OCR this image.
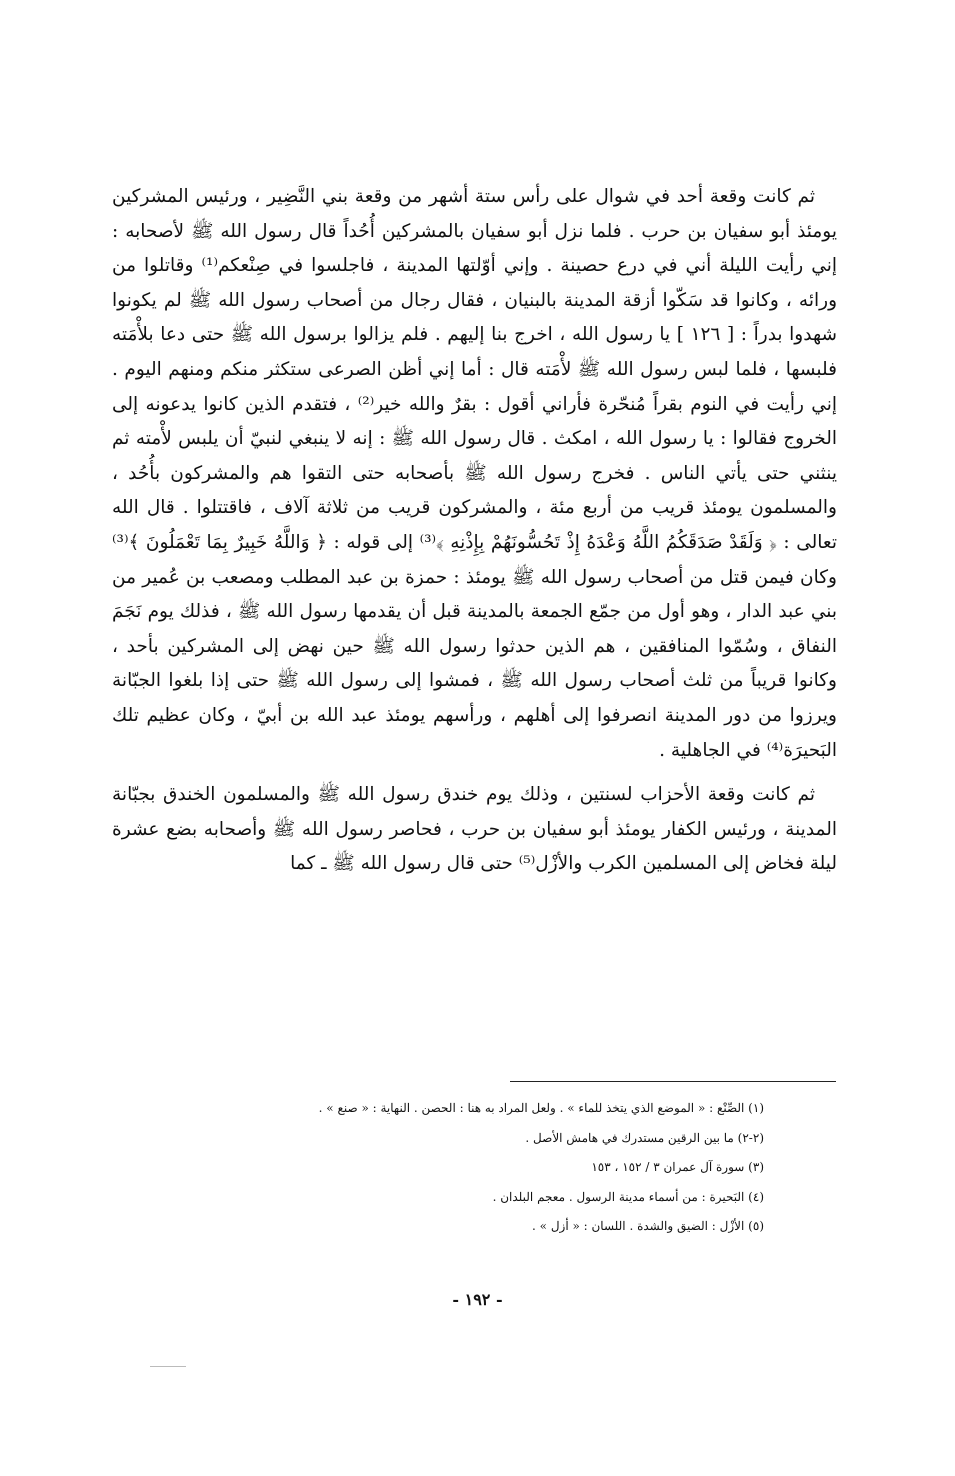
ثم كانت وقعة أحد في شوال على رأس ستة أشهر من وقعة بني النَّضِير ، ورئيس المشركين يومئذ أبو سفيان بن حرب . فلما نزل أبو سفيان بالمشركين أُحُداً قال رسول الله ﷺ لأصحابه : إني رأيت الليلة أني في درع حصينة . وإني أوّلتها المدينة ، فاجلسوا في صِنْعكم⁽¹⁾ وقاتلوا من ورائه ، وكانوا قد سَكّوا أزقة المدينة بالبنيان ، فقال رجال من أصحاب رسول الله ﷺ لم يكونوا شهدوا بدراً : [ ١٢٦ ] يا رسول الله ، اخرج بنا إليهم . فلم يزالوا برسول الله ﷺ حتى دعا بلأْمَته فلبسها ، فلما لبس رسول الله ﷺ لأْمَته قال : أما إني أظن الصرعى ستكثر منكم ومنهم اليوم . إني رأيت في النوم بقراً مُنحّرة فأراني أقول : بقرٌ والله خير⁽²⁾ ، فتقدم الذين كانوا يدعونه إلى الخروج فقالوا : يا رسول الله ، امكث . قال رسول الله ﷺ : إنه لا ينبغي لنبيّ أن يلبس لأْمته ثم ينثني حتى يأتي الناس . فخرج رسول الله ﷺ بأصحابه حتى التقوا هم والمشركون بأُحُد ، والمسلمون يومئذ قريب من أربع مئة ، والمشركون قريب من ثلاثة آلاف ، فاقتتلوا . قال الله تعالى : ﴿ وَلَقَدْ صَدَقَكُمُ اللَّهُ وَعْدَهُ إِذْ تَحُسُّونَهُمْ بِإِذْنِهِ ﴾⁽³⁾ إلى قوله : ﴿ وَاللَّهُ خَبِيرٌ بِمَا تَعْمَلُونَ ﴾⁽³⁾ وكان فيمن قتل من أصحاب رسول الله ﷺ يومئذ : حمزة بن عبد المطلب ومصعب بن عُمير من بني عبد الدار ، وهو أول من جمّع الجمعة بالمدينة قبل أن يقدمها رسول الله ﷺ ، فذلك يوم نَجَمَ النفاق ، وسُمّوا المنافقين ، هم الذين حدثوا رسول الله ﷺ حين نهض إلى المشركين بأحد ، وكانوا قريباً من ثلث أصحاب رسول الله ﷺ ، فمشوا إلى رسول الله ﷺ حتى إذا بلغوا الجبّانة ويرزوا من دور المدينة انصرفوا إلى أهلهم ، ورأسهم يومئذ عبد الله بن أبيّ ، وكان عظيم تلك البَحيرَة⁽⁴⁾ في الجاهلية .

ثم كانت وقعة الأحزاب لسنتين ، وذلك يوم خندق رسول الله ﷺ والمسلمون الخندق بجبّانة المدينة ، ورئيس الكفار يومئذ أبو سفيان بن حرب ، فحاصر رسول الله ﷺ وأصحابه بضع عشرة ليلة فخاض إلى المسلمين الكرب والأزْل⁽⁵⁾ حتى قال رسول الله ﷺ ـ كما

(١) الصِّنْع : « الموضع الذي يتخذ للماء » . ولعل المراد به هنا : الحصن . النهاية : « صنع » .
(٢-٢) ما بين الرقين مستدرك في هامش الأصل .
(٣) سورة آل عمران ٣ / ١٥٢ ، ١٥٣
(٤) البَحيرة : من أسماء مدينة الرسول . معجم البلدان .
(٥) الأزْل : الضيق والشدة . اللسان : « أزل » .
- ١٩٢ -
